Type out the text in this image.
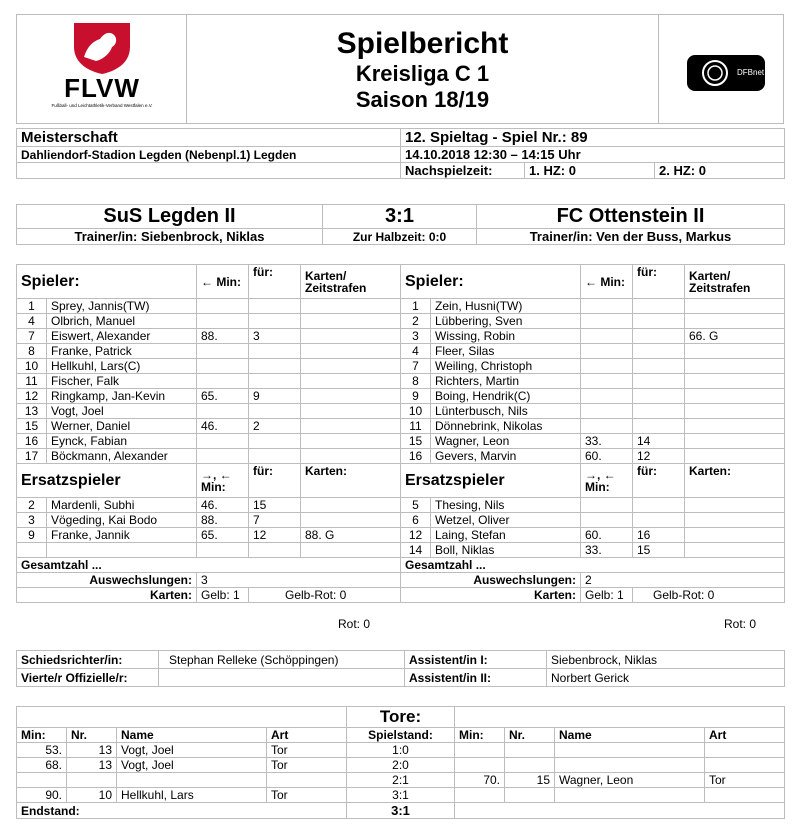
FLVW
Fußball- und Leichtathletik-Verband Westfalen e.V.
Spielbericht
Kreisliga C 1
Saison 18/19
DFBnet
Meisterschaft	12. Spieltag - Spiel Nr.: 89		
Dahliendorf-Stadion Legden (Nebenpl.1) Legden	14.10.2018 12:30 – 14:15 Uhr		
	Nachspielzeit:	1. HZ: 0	2. HZ: 0
SuS Legden II	3:1	FC Ottenstein II
Trainer/in: Siebenbrock, Niklas	Zur Halbzeit: 0:0	Trainer/in: Ven der Buss, Markus
Spieler:		← Min:	für:	Karten/ Zeitstrafen	Spieler:		← Min:	für:	Karten/ Zeitstrafen
1	Sprey, Jannis(TW)				1	Zein, Husni(TW)			
4	Olbrich, Manuel				2	Lübbering, Sven			
7	Eiswert, Alexander	88.	3		3	Wissing, Robin			66. G
8	Franke, Patrick				4	Fleer, Silas			
10	Hellkuhl, Lars(C)				7	Weiling, Christoph			
11	Fischer, Falk				8	Richters, Martin			
12	Ringkamp, Jan-Kevin	65.	9		9	Boing, Hendrik(C)			
13	Vogt, Joel				10	Lünterbusch, Nils			
15	Werner, Daniel	46.	2		11	Dönnebrink, Nikolas			
16	Eynck, Fabian				15	Wagner, Leon	33.	14	
17	Böckmann, Alexander				16	Gevers, Marvin	60.	12	
Ersatzspieler		→, ← Min:	für:	Karten:	Ersatzspieler		→, ← Min:	für:	Karten:
2	Mardenli, Subhi	46.	15		5	Thesing, Nils			
3	Vögeding, Kai Bodo	88.	7		6	Wetzel, Oliver			
9	Franke, Jannik	65.	12	88. G	12	Laing, Stefan	60.	16	
					14	Boll, Niklas	33.	15	
Gesamtzahl ...					Gesamtzahl ...				
Auswechslungen:		3			Auswechslungen:		2		
Karten:		Gelb: 1	Gelb-Rot: 0		Karten:		Gelb: 1	Gelb-Rot: 0	
Rot: 0	Rot: 0
Schiedsrichter/in:	Stephan Relleke (Schöppingen)	Assistent/in I:	Siebenbrock, Niklas
Vierte/r Offizielle/r:		Assistent/in II:	Norbert Gerick
				Tore:				
Min:	Nr.	Name	Art	Spielstand:	Min:	Nr.	Name	Art
53.	13	Vogt, Joel	Tor	1:0				
68.	13	Vogt, Joel	Tor	2:0				
				2:1	70.	15	Wagner, Leon	Tor
90.	10	Hellkuhl, Lars	Tor	3:1				
Endstand:				3:1				
